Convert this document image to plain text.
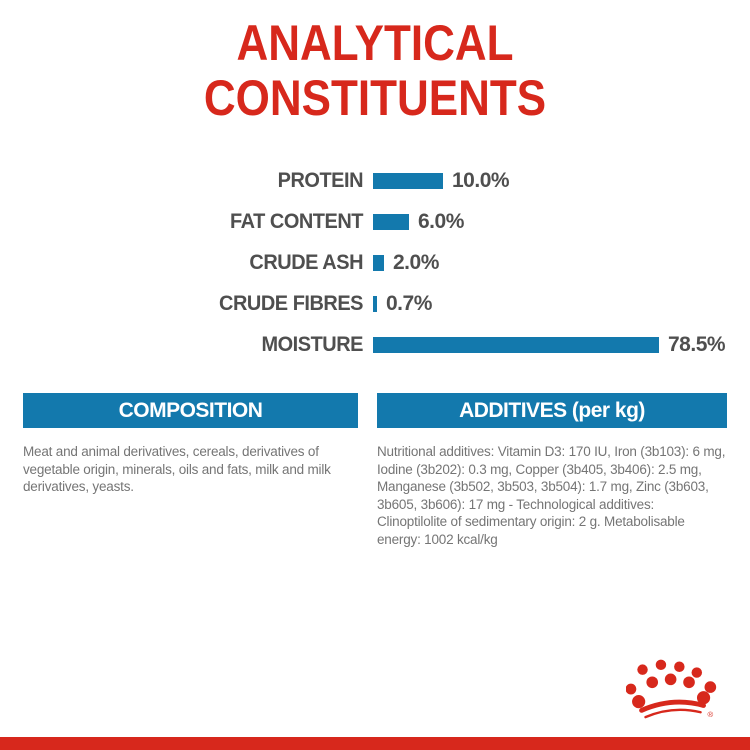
ANALYTICAL
CONSTITUENTS
PROTEIN	10.0%
FAT CONTENT	6.0%
CRUDE ASH 2.0%
CRUDE FIBRES 0.7%
MOISTURE	78.5%
COMPOSITION
Meat and animal derivatives, cereals, derivatives of vegetable origin, minerals, oils and fats, milk and milk derivatives, yeasts.
ADDITIVES (per kg)
Nutritional additives: Vitamin D3: 170 IU, Iron (3b103): 6 mg, Iodine (3b202): 0.3 mg, Copper (3b405, 3b406): 2.5 mg, Manganese (3b502, 3b503, 3b504): 1.7 mg, Zinc (3b603, 3b605, 3b606): 17 mg - Technological additives: Clinoptilolite of sedimentary origin: 2 g. Metabolisable energy: 1002 kcal/kg
®
